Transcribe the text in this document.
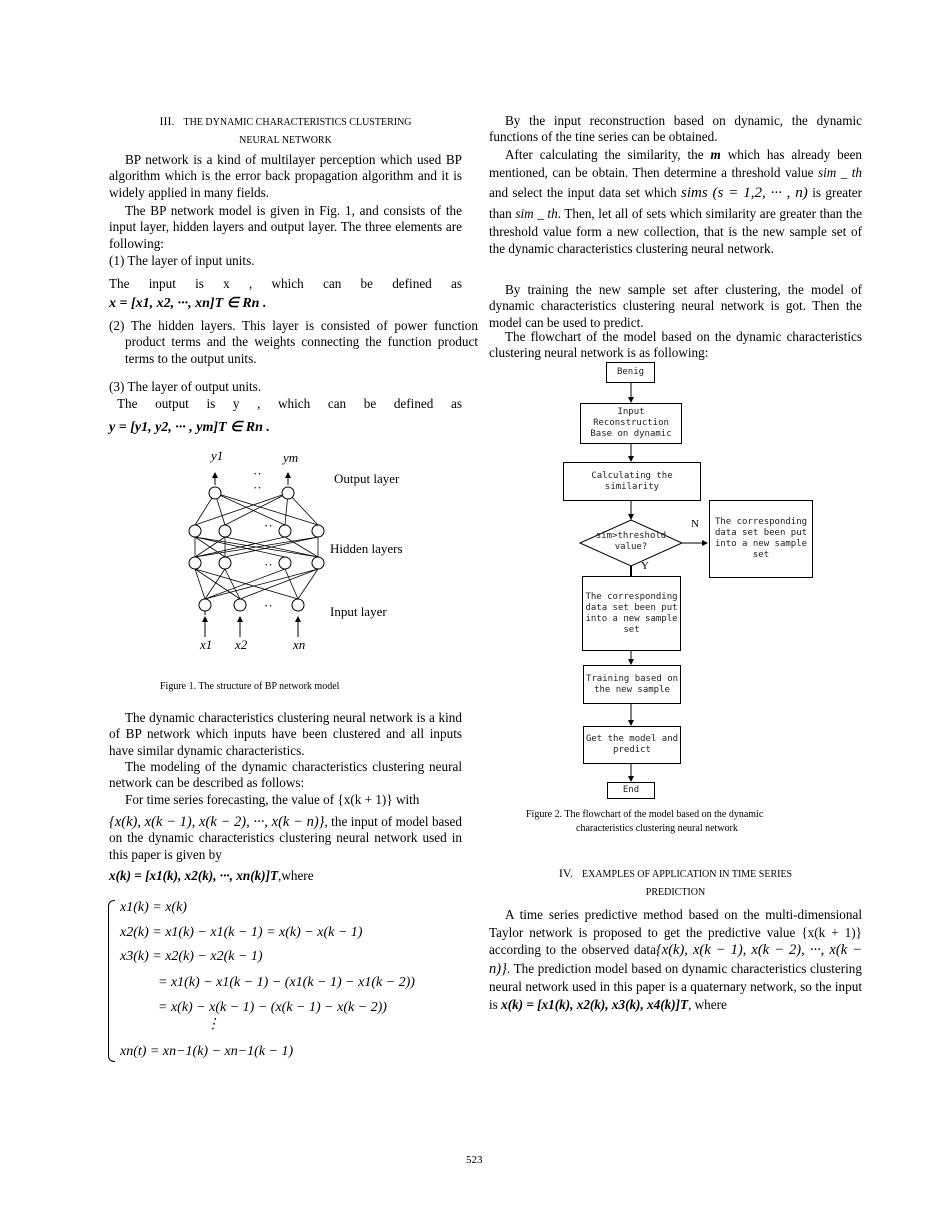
III. THE DYNAMIC CHARACTERISTICS CLUSTERING
NEURAL NETWORK
BP network is a kind of multilayer perception which used BP algorithm which is the error back propagation algorithm and it is widely applied in many fields.
The BP network model is given in Fig. 1, and consists of the input layer, hidden layers and output layer. The three elements are following:
(1) The layer of input units.
The input is x , which can be defined as
x = [x1, x2, ···, xn]T ∈ Rn .
(2) The hidden layers. This layer is consisted of power function product terms and the weights connecting the function product terms to the output units.
(3) The layer of output units.
The output is y , which can be defined as
y = [y1, y2, ··· , ym]T ∈ Rn .
y1	ym
··
··
··
··
··
Output layer
Hidden layers
Input layer
x1 x2	xn
Figure 1. The structure of BP network model
The dynamic characteristics clustering neural network is a kind of BP network which inputs have been clustered and all inputs have similar dynamic characteristics.
The modeling of the dynamic characteristics clustering neural network can be described as follows:
For time series forecasting, the value of {x(k + 1)} with
{x(k), x(k − 1), x(k − 2), ···, x(k − n)}, the input of model based on the dynamic characteristics clustering neural network used in this paper is given by
x(k) = [x1(k), x2(k), ···, xn(k)]T,where
x1(k) = x(k)
x2(k) = x1(k) − x1(k − 1) = x(k) − x(k − 1)
x3(k) = x2(k) − x2(k − 1)
= x1(k) − x1(k − 1) − (x1(k − 1) − x1(k − 2))
= x(k) − x(k − 1) − (x(k − 1) − x(k − 2))
⋮
xn(t) = xn−1(k) − xn−1(k − 1)
By the input reconstruction based on dynamic, the dynamic functions of the tine series can be obtained.
After calculating the similarity, the m which has already been mentioned, can be obtain. Then determine a threshold value sim _ th and select the input data set which sims (s = 1,2, ··· , n) is greater than sim _ th. Then, let all of sets which similarity are greater than the threshold value form a new collection, that is the new sample set of the dynamic characteristics clustering neural network.
By training the new sample set after clustering, the model of dynamic characteristics clustering neural network is got. Then the model can be used to predict.
The flowchart of the model based on the dynamic characteristics clustering neural network is as following:
Benig
Input Reconstruction Base on dynamic
Calculating the similarity
sim>threshold value?
N
Y
The corresponding data set been put into a new sample set
The corresponding data set been put into a new sample set
Training based on the new sample
Get the model and predict
End
Figure 2. The flowchart of the model based on the dynamic
characteristics clustering neural network
IV. EXAMPLES OF APPLICATION IN TIME SERIES
PREDICTION
A time series predictive method based on the multi-dimensional Taylor network is proposed to get the predictive value {x(k + 1)} according to the observed data{x(k), x(k − 1), x(k − 2), ···, x(k − n)}. The prediction model based on dynamic characteristics clustering neural network used in this paper is a quaternary network, so the input is x(k) = [x1(k), x2(k), x3(k), x4(k)]T, where
523
